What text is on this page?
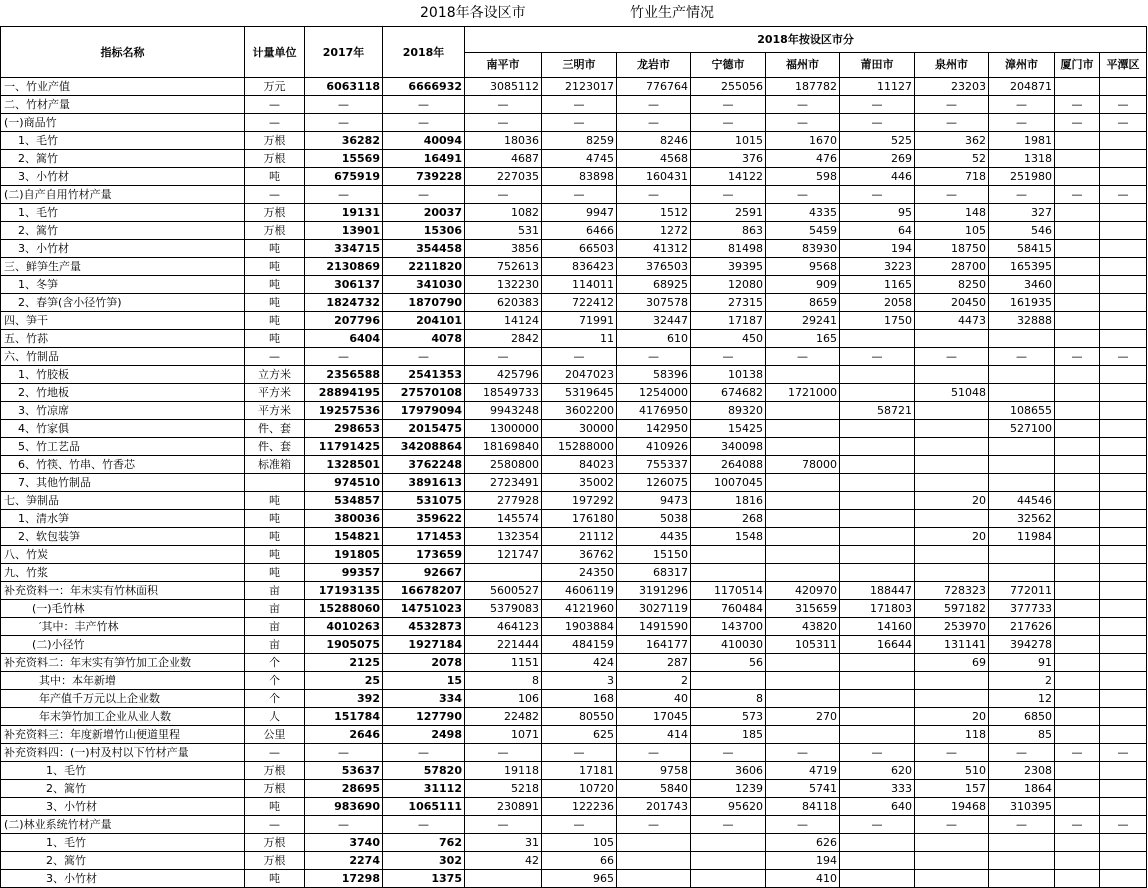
2018年各设区市	竹业生产情况
指标名称	计量单位	2017年	2018年	2018年按设区市分									
				南平市	三明市	龙岩市	宁德市	福州市	莆田市	泉州市	漳州市	厦门市	平潭区
一、竹业产值	万元	6063118	6666932	3085112	2123017	776764	255056	187782	11127	23203	204871		
二、竹材产量	—	—	—	—	—	—	—	—	—	—	—	—	—
(一)商品竹	—	—	—	—	—	—	—	—	—	—	—	—	—
1、毛竹	万根	36282	40094	18036	8259	8246	1015	1670	525	362	1981		
2、篙竹	万根	15569	16491	4687	4745	4568	376	476	269	52	1318		
3、小竹材	吨	675919	739228	227035	83898	160431	14122	598	446	718	251980		
(二)自产自用竹材产量	—	—	—	—	—	—	—	—	—	—	—	—	—
1、毛竹	万根	19131	20037	1082	9947	1512	2591	4335	95	148	327		
2、篙竹	万根	13901	15306	531	6466	1272	863	5459	64	105	546		
3、小竹材	吨	334715	354458	3856	66503	41312	81498	83930	194	18750	58415		
三、鲜笋生产量	吨	2130869	2211820	752613	836423	376503	39395	9568	3223	28700	165395		
1、冬笋	吨	306137	341030	132230	114011	68925	12080	909	1165	8250	3460		
2、春笋(含小径竹笋)	吨	1824732	1870790	620383	722412	307578	27315	8659	2058	20450	161935		
四、笋干	吨	207796	204101	14124	71991	32447	17187	29241	1750	4473	32888		
五、竹荪	吨	6404	4078	2842	11	610	450	165					
六、竹制品	—	—	—	—	—	—	—	—	—	—	—	—	—
1、竹胶板	立方米	2356588	2541353	425796	2047023	58396	10138						
2、竹地板	平方米	28894195	27570108	18549733	5319645	1254000	674682	1721000		51048			
3、竹凉席	平方米	19257536	17979094	9943248	3602200	4176950	89320		58721		108655		
4、竹家俱	件、套	298653	2015475	1300000	30000	142950	15425				527100		
5、竹工艺品	件、套	11791425	34208864	18169840	15288000	410926	340098						
6、竹筷、竹串、竹香芯	标准箱	1328501	3762248	2580800	84023	755337	264088	78000					
7、其他竹制品		974510	3891613	2723491	35002	126075	1007045						
七、笋制品	吨	534857	531075	277928	197292	9473	1816			20	44546		
1、清水笋	吨	380036	359622	145574	176180	5038	268				32562		
2、软包装笋	吨	154821	171453	132354	21112	4435	1548			20	11984		
八、竹炭	吨	191805	173659	121747	36762	15150							
九、竹浆	吨	99357	92667		24350	68317							
补充资料一：年末实有竹林面积	亩	17193135	16678207	5600527	4606119	3191296	1170514	420970	188447	728323	772011		
(一)毛竹林	亩	15288060	14751023	5379083	4121960	3027119	760484	315659	171803	597182	377733		
′其中：丰产竹林	亩	4010263	4532873	464123	1903884	1491590	143700	43820	14160	253970	217626		
(二)小径竹	亩	1905075	1927184	221444	484159	164177	410030	105311	16644	131141	394278		
补充资料二：年末实有笋竹加工企业数	个	2125	2078	1151	424	287	56			69	91		
其中：本年新增	个	25	15	8	3	2					2		
年产值千万元以上企业数	个	392	334	106	168	40	8				12		
年末笋竹加工企业从业人数	人	151784	127790	22482	80550	17045	573	270		20	6850		
补充资料三：年度新增竹山便道里程	公里	2646	2498	1071	625	414	185			118	85		
补充资料四：(一)村及村以下竹材产量	—	—	—	—	—	—	—	—	—	—	—	—	—
1、毛竹	万根	53637	57820	19118	17181	9758	3606	4719	620	510	2308		
2、篙竹	万根	28695	31112	5218	10720	5840	1239	5741	333	157	1864		
3、小竹材	吨	983690	1065111	230891	122236	201743	95620	84118	640	19468	310395		
(二)林业系统竹材产量	—	—	—	—	—	—	—	—	—	—	—	—	—
1、毛竹	万根	3740	762	31	105			626					
2、篙竹	万根	2274	302	42	66			194					
3、小竹材	吨	17298	1375		965			410					
